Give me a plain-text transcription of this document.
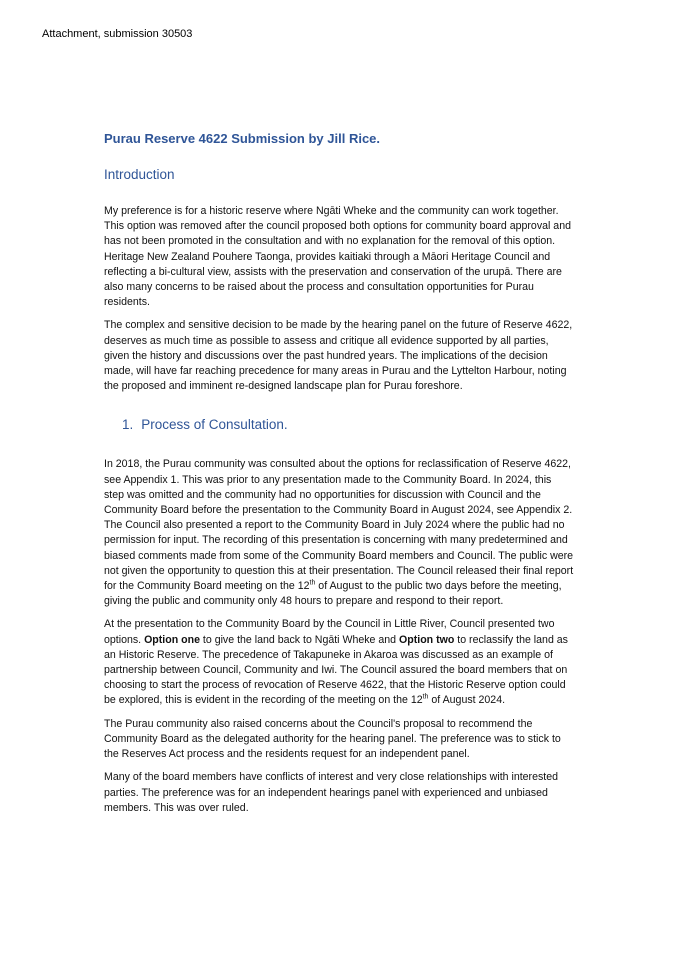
Attachment, submission 30503
Purau Reserve 4622 Submission by Jill Rice.
Introduction

My preference is for a historic reserve where Ngāti Wheke and the community can work together. This option was removed after the council proposed both options for community board approval and has not been promoted in the consultation and with no explanation for the removal of this option. Heritage New Zealand Pouhere Taonga, provides kaitiaki through a Māori Heritage Council and reflecting a bi-cultural view, assists with the preservation and conservation of the urupā. There are also many concerns to be raised about the process and consultation opportunities for Purau residents.

The complex and sensitive decision to be made by the hearing panel on the future of Reserve 4622, deserves as much time as possible to assess and critique all evidence supported by all parties, given the history and discussions over the past hundred years. The implications of the decision made, will have far reaching precedence for many areas in Purau and the Lyttelton Harbour, noting the proposed and imminent re-designed landscape plan for Purau foreshore.

1. Process of Consultation.

In 2018, the Purau community was consulted about the options for reclassification of Reserve 4622, see Appendix 1. This was prior to any presentation made to the Community Board. In 2024, this step was omitted and the community had no opportunities for discussion with Council and the Community Board before the presentation to the Community Board in August 2024, see Appendix 2. The Council also presented a report to the Community Board in July 2024 where the public had no permission for input. The recording of this presentation is concerning with many predetermined and biased comments made from some of the Community Board members and Council. The public were not given the opportunity to question this at their presentation. The Council released their final report for the Community Board meeting on the 12th of August to the public two days before the meeting, giving the public and community only 48 hours to prepare and respond to their report.

At the presentation to the Community Board by the Council in Little River, Council presented two options. Option one to give the land back to Ngāti Wheke and Option two to reclassify the land as an Historic Reserve. The precedence of Takapuneke in Akaroa was discussed as an example of partnership between Council, Community and Iwi. The Council assured the board members that on choosing to start the process of revocation of Reserve 4622, that the Historic Reserve option could be explored, this is evident in the recording of the meeting on the 12th of August 2024.

The Purau community also raised concerns about the Council's proposal to recommend the Community Board as the delegated authority for the hearing panel. The preference was to stick to the Reserves Act process and the residents request for an independent panel.

Many of the board members have conflicts of interest and very close relationships with interested parties. The preference was for an independent hearings panel with experienced and unbiased members. This was over ruled.
